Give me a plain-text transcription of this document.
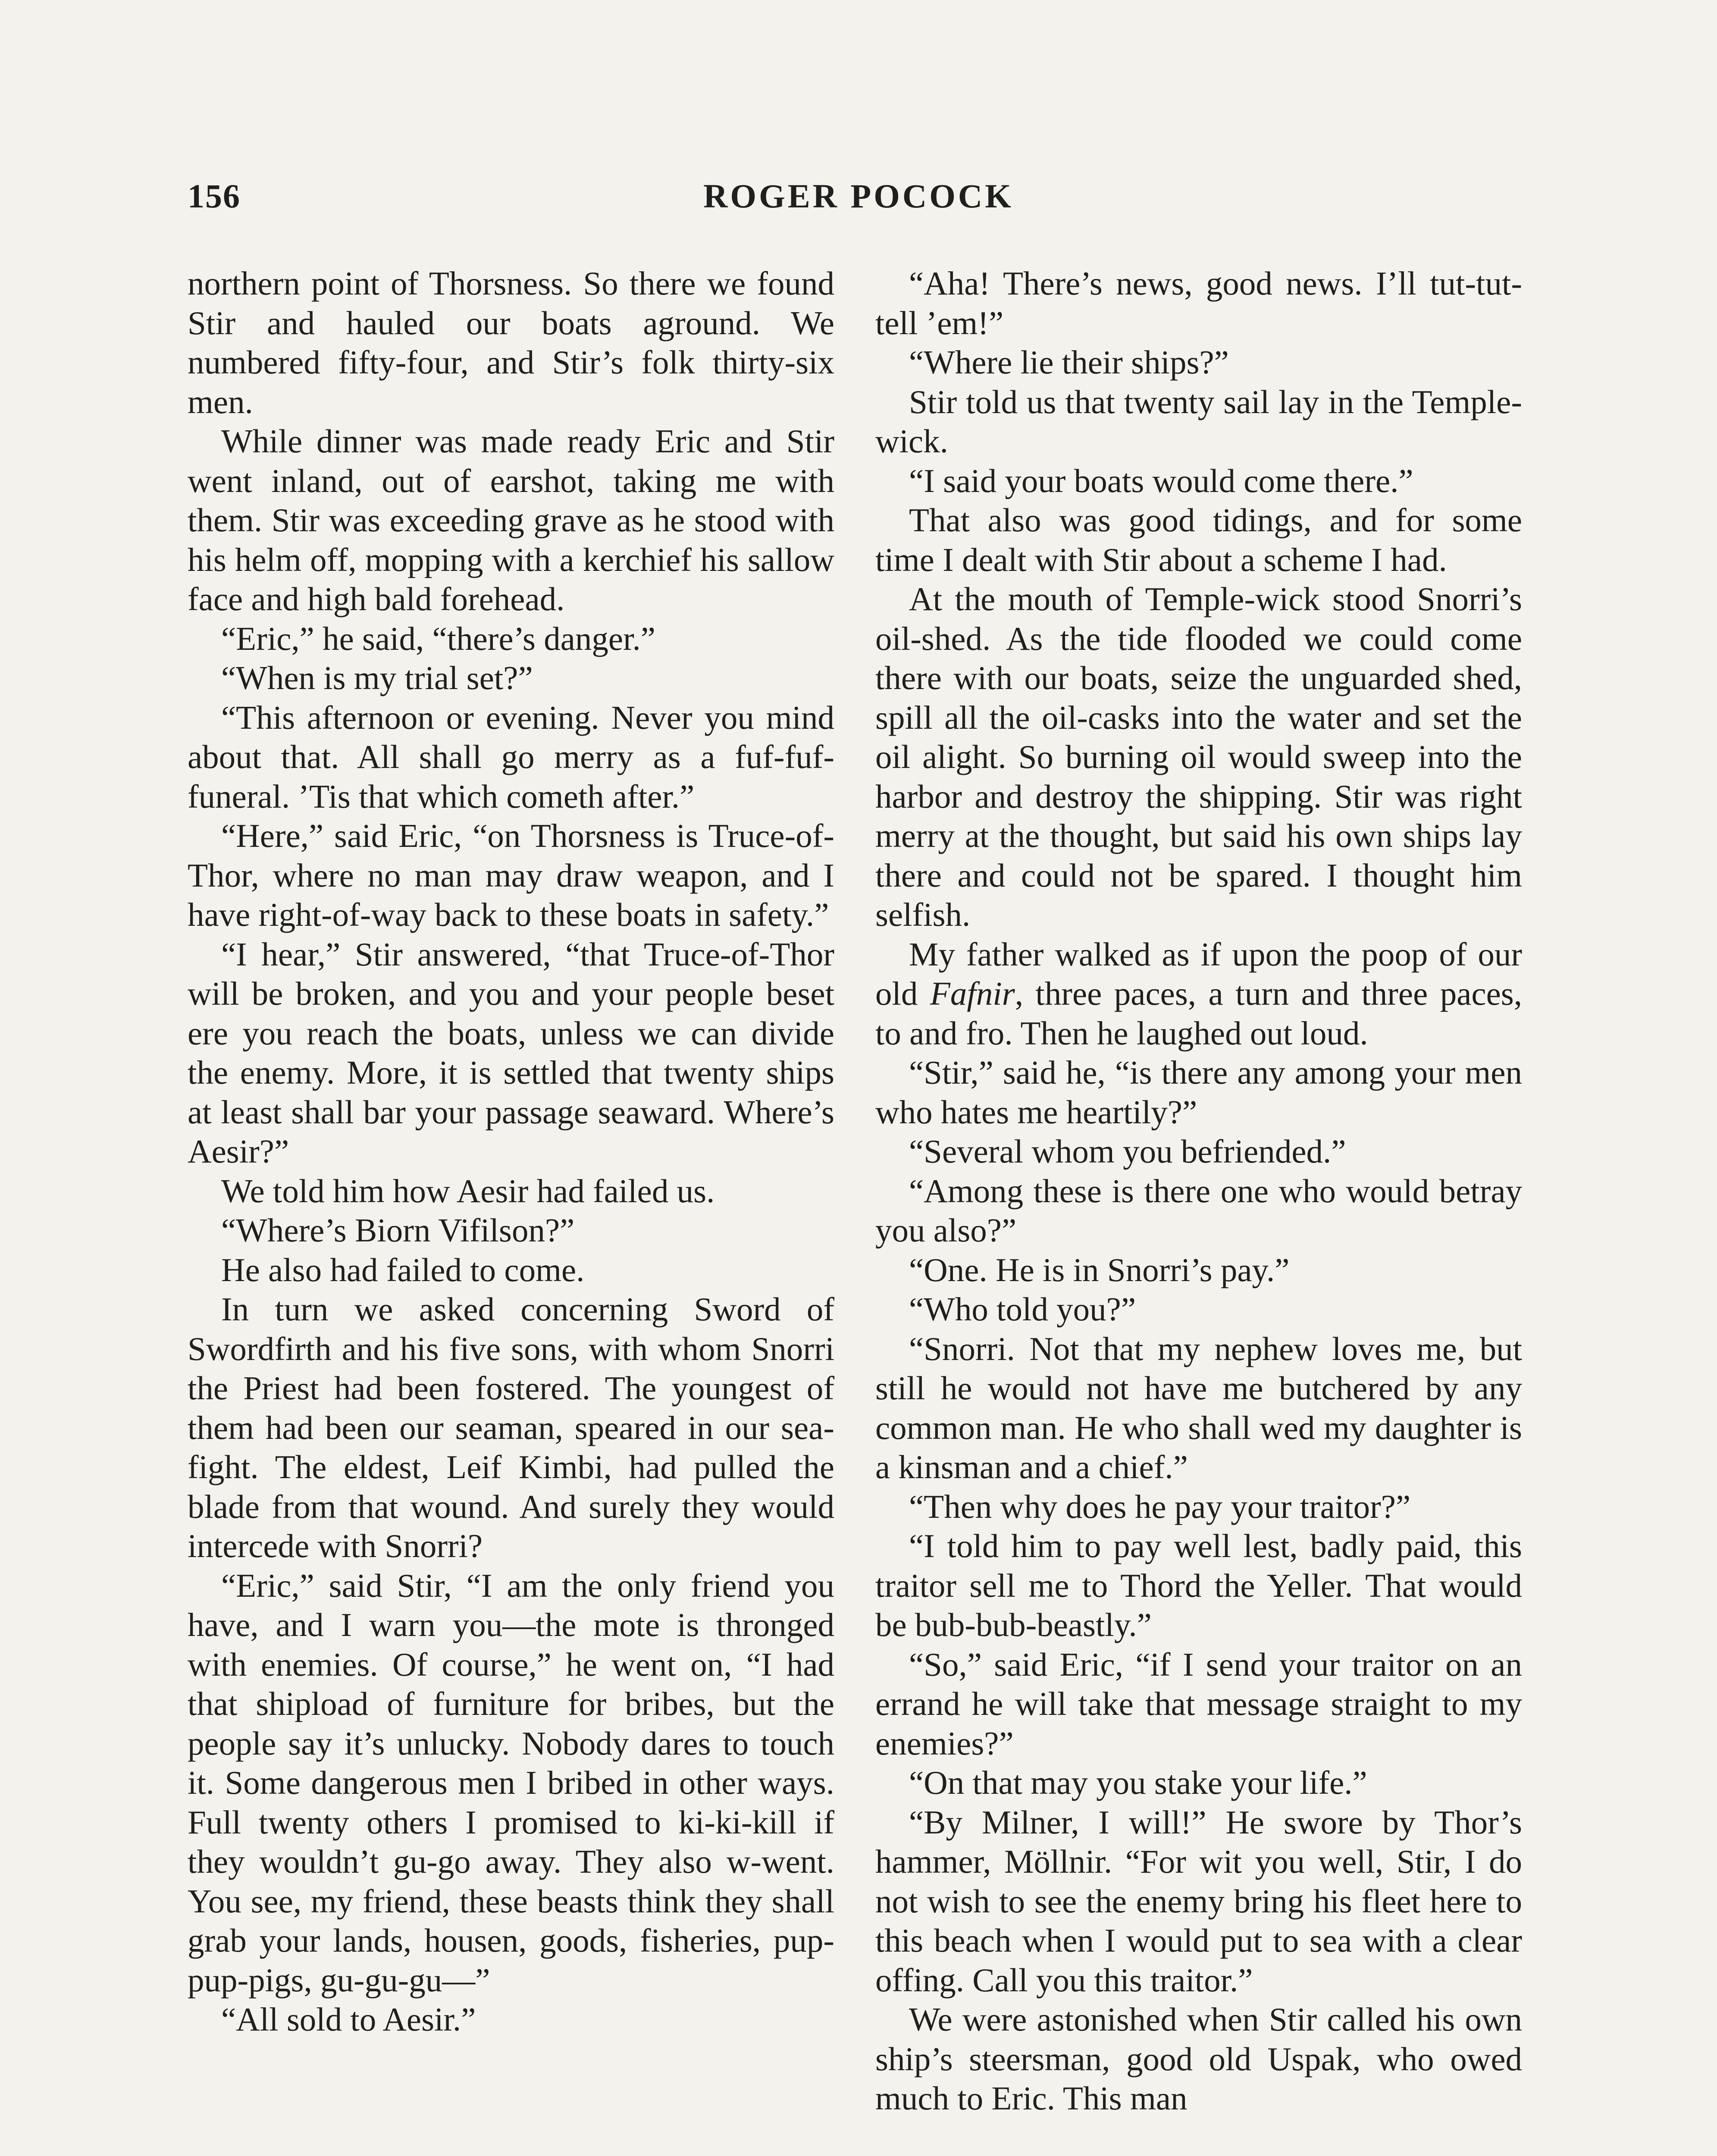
156	ROGER POCOCK

northern point of Thorsness. So there we found Stir and hauled our boats aground. We numbered fifty-four, and Stir’s folk thirty-six men.

While dinner was made ready Eric and Stir went inland, out of earshot, taking me with them. Stir was exceeding grave as he stood with his helm off, mopping with a kerchief his sallow face and high bald forehead.

“Eric,” he said, “there’s danger.”

“When is my trial set?”

“This afternoon or evening. Never you mind about that. All shall go merry as a fuf-fuf-funeral. ’Tis that which cometh after.”

“Here,” said Eric, “on Thorsness is Truce-of-Thor, where no man may draw weapon, and I have right-of-way back to these boats in safety.”

“I hear,” Stir answered, “that Truce-of-Thor will be broken, and you and your people beset ere you reach the boats, unless we can divide the enemy. More, it is settled that twenty ships at least shall bar your passage seaward. Where’s Aesir?”

We told him how Aesir had failed us.

“Where’s Biorn Vifilson?”

He also had failed to come.

In turn we asked concerning Sword of Swordfirth and his five sons, with whom Snorri the Priest had been fostered. The youngest of them had been our seaman, speared in our sea-fight. The eldest, Leif Kimbi, had pulled the blade from that wound. And surely they would intercede with Snorri?

“Eric,” said Stir, “I am the only friend you have, and I warn you—the mote is thronged with enemies. Of course,” he went on, “I had that shipload of furniture for bribes, but the people say it’s unlucky. Nobody dares to touch it. Some dangerous men I bribed in other ways. Full twenty others I promised to ki-ki-kill if they wouldn’t gu-go away. They also w-went. You see, my friend, these beasts think they shall grab your lands, housen, goods, fisheries, pup-pup-pigs, gu-gu-gu—”

“All sold to Aesir.”

“Aha! There’s news, good news. I’ll tut-tut-tell ’em!”

“Where lie their ships?”

Stir told us that twenty sail lay in the Temple-wick.

“I said your boats would come there.”

That also was good tidings, and for some time I dealt with Stir about a scheme I had.

At the mouth of Temple-wick stood Snorri’s oil-shed. As the tide flooded we could come there with our boats, seize the unguarded shed, spill all the oil-casks into the water and set the oil alight. So burning oil would sweep into the harbor and destroy the shipping. Stir was right merry at the thought, but said his own ships lay there and could not be spared. I thought him selfish.

My father walked as if upon the poop of our old Fafnir, three paces, a turn and three paces, to and fro. Then he laughed out loud.

“Stir,” said he, “is there any among your men who hates me heartily?”

“Several whom you befriended.”

“Among these is there one who would betray you also?”

“One. He is in Snorri’s pay.”

“Who told you?”

“Snorri. Not that my nephew loves me, but still he would not have me butchered by any common man. He who shall wed my daughter is a kinsman and a chief.”

“Then why does he pay your traitor?”

“I told him to pay well lest, badly paid, this traitor sell me to Thord the Yeller. That would be bub-bub-beastly.”

“So,” said Eric, “if I send your traitor on an errand he will take that message straight to my enemies?”

“On that may you stake your life.”

“By Milner, I will!” He swore by Thor’s hammer, Möllnir. “For wit you well, Stir, I do not wish to see the enemy bring his fleet here to this beach when I would put to sea with a clear offing. Call you this traitor.”

We were astonished when Stir called his own ship’s steersman, good old Uspak, who owed much to Eric. This man
